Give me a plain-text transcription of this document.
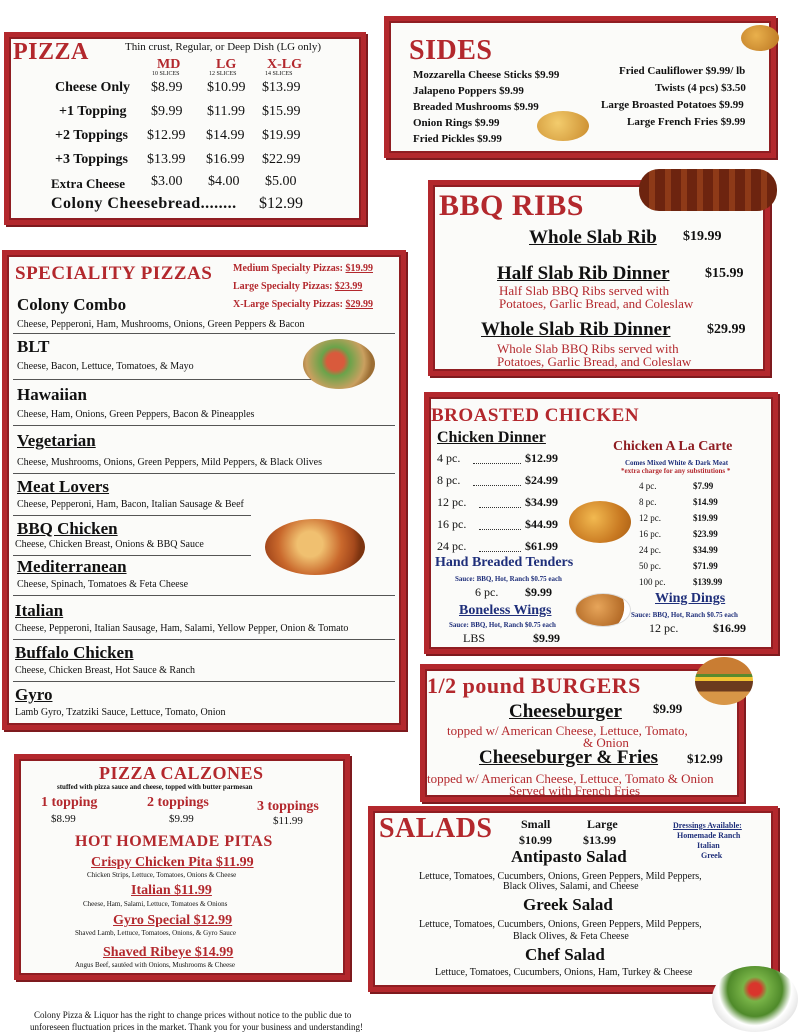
PIZZA	Thin crust, Regular, or Deep Dish (LG only)
MD
10 SLICES
LG
12 SLICES
X-LG
14 SLICES
Cheese Only $8.99 $10.99 $13.99
+1 Topping $9.99 $11.99 $15.99
+2 Toppings $12.99 $14.99 $19.99
+3 Toppings $13.99 $16.99 $22.99
Extra Cheese $3.00 $4.00 $5.00
Colony Cheesebread........ $12.99
SIDES
Mozzarella Cheese Sticks $9.99
Jalapeno Poppers $9.99
Breaded Mushrooms $9.99
Onion Rings $9.99
Fried Pickles $9.99
Fried Cauliflower $9.99/ lb
Twists (4 pcs) $3.50
Large Broasted Potatoes $9.99
Large French Fries $9.99
BBQ RIBS
Whole Slab Rib $19.99
Half Slab Rib Dinner	$15.99
Half Slab BBQ Ribs served with
Potatoes, Garlic Bread, and Coleslaw
Whole Slab Rib Dinner	$29.99
Whole Slab BBQ Ribs served with
Potatoes, Garlic Bread, and Coleslaw
SPECIALITY PIZZAS Medium Specialty Pizzas: $19.99
Large Specialty Pizzas: $23.99
X-Large Specialty Pizzas: $29.99
Colony Combo
Cheese, Pepperoni, Ham, Mushrooms, Onions, Green Peppers & Bacon
BLT
Cheese, Bacon, Lettuce, Tomatoes, & Mayo
Hawaiian
Cheese, Ham, Onions, Green Peppers, Bacon & Pineapples
Vegetarian
Cheese, Mushrooms, Onions, Green Peppers, Mild Peppers, & Black Olives
Meat Lovers
Cheese, Pepperoni, Ham, Bacon, Italian Sausage & Beef
BBQ Chicken
Cheese, Chicken Breast, Onions & BBQ Sauce
Mediterranean
Cheese, Spinach, Tomatoes & Feta Cheese
Italian
Cheese, Pepperoni, Italian Sausage, Ham, Salami, Yellow Pepper, Onion & Tomato
Buffalo Chicken
Cheese, Chicken Breast, Hot Sauce & Ranch
Gyro
Lamb Gyro, Tzatziki Sauce, Lettuce, Tomato, Onion
BROASTED CHICKEN
Chicken Dinner
4 pc.	$12.99
8 pc.	$24.99
12 pc.	$34.99
16 pc.	$44.99
24 pc.	$61.99
Chicken A La Carte
Comes Mixed White & Dark Meat
*extra charge for any substitutions *
4 pc.	$7.99
8 pc.	$14.99
12 pc.	$19.99
16 pc.	$23.99
24 pc.	$34.99
50 pc.	$71.99
100 pc.	$139.99
Hand Breaded Tenders
Sauce: BBQ, Hot, Ranch $0.75 each
6 pc. $9.99
Boneless Wings
Sauce: BBQ, Hot, Ranch $0.75 each
LBS	$9.99
Wing Dings
Sauce: BBQ, Hot, Ranch $0.75 each
12 pc.	$16.99
1/2 pound BURGERS
Cheeseburger $9.99
topped w/ American Cheese, Lettuce, Tomato,
& Onion
Cheeseburger & Fries $12.99
topped w/ American Cheese, Lettuce, Tomato & Onion
Served with French Fries
PIZZA CALZONES
stuffed with pizza sauce and cheese, topped with butter parmesan
1 topping
$8.99
2 toppings
$9.99
3 toppings
$11.99
HOT HOMEMADE PITAS
Crispy Chicken Pita $11.99
Chicken Strips, Lettuce, Tomatoes, Onions & Cheese
Italian $11.99
Cheese, Ham, Salami, Lettuce, Tomatoes & Onions
Gyro Special $12.99
Shaved Lamb, Lettuce, Tomatoes, Onions, & Gyro Sauce
Shaved Ribeye $14.99
Angus Beef, sautéed with Onions, Mushrooms & Cheese
SALADS Small
$10.99
Large
$13.99
Dressings Available:
Homemade Ranch
Italian
Greek
Antipasto Salad
Lettuce, Tomatoes, Cucumbers, Onions, Green Peppers, Mild Peppers,
Black Olives, Salami, and Cheese
Greek Salad
Lettuce, Tomatoes, Cucumbers, Onions, Green Peppers, Mild Peppers,
Black Olives, & Feta Cheese
Chef Salad
Lettuce, Tomatoes, Cucumbers, Onions, Ham, Turkey & Cheese
Colony Pizza & Liquor has the right to change prices without notice to the public due to
unforeseen fluctuation prices in the market. Thank you for your business and understanding!
